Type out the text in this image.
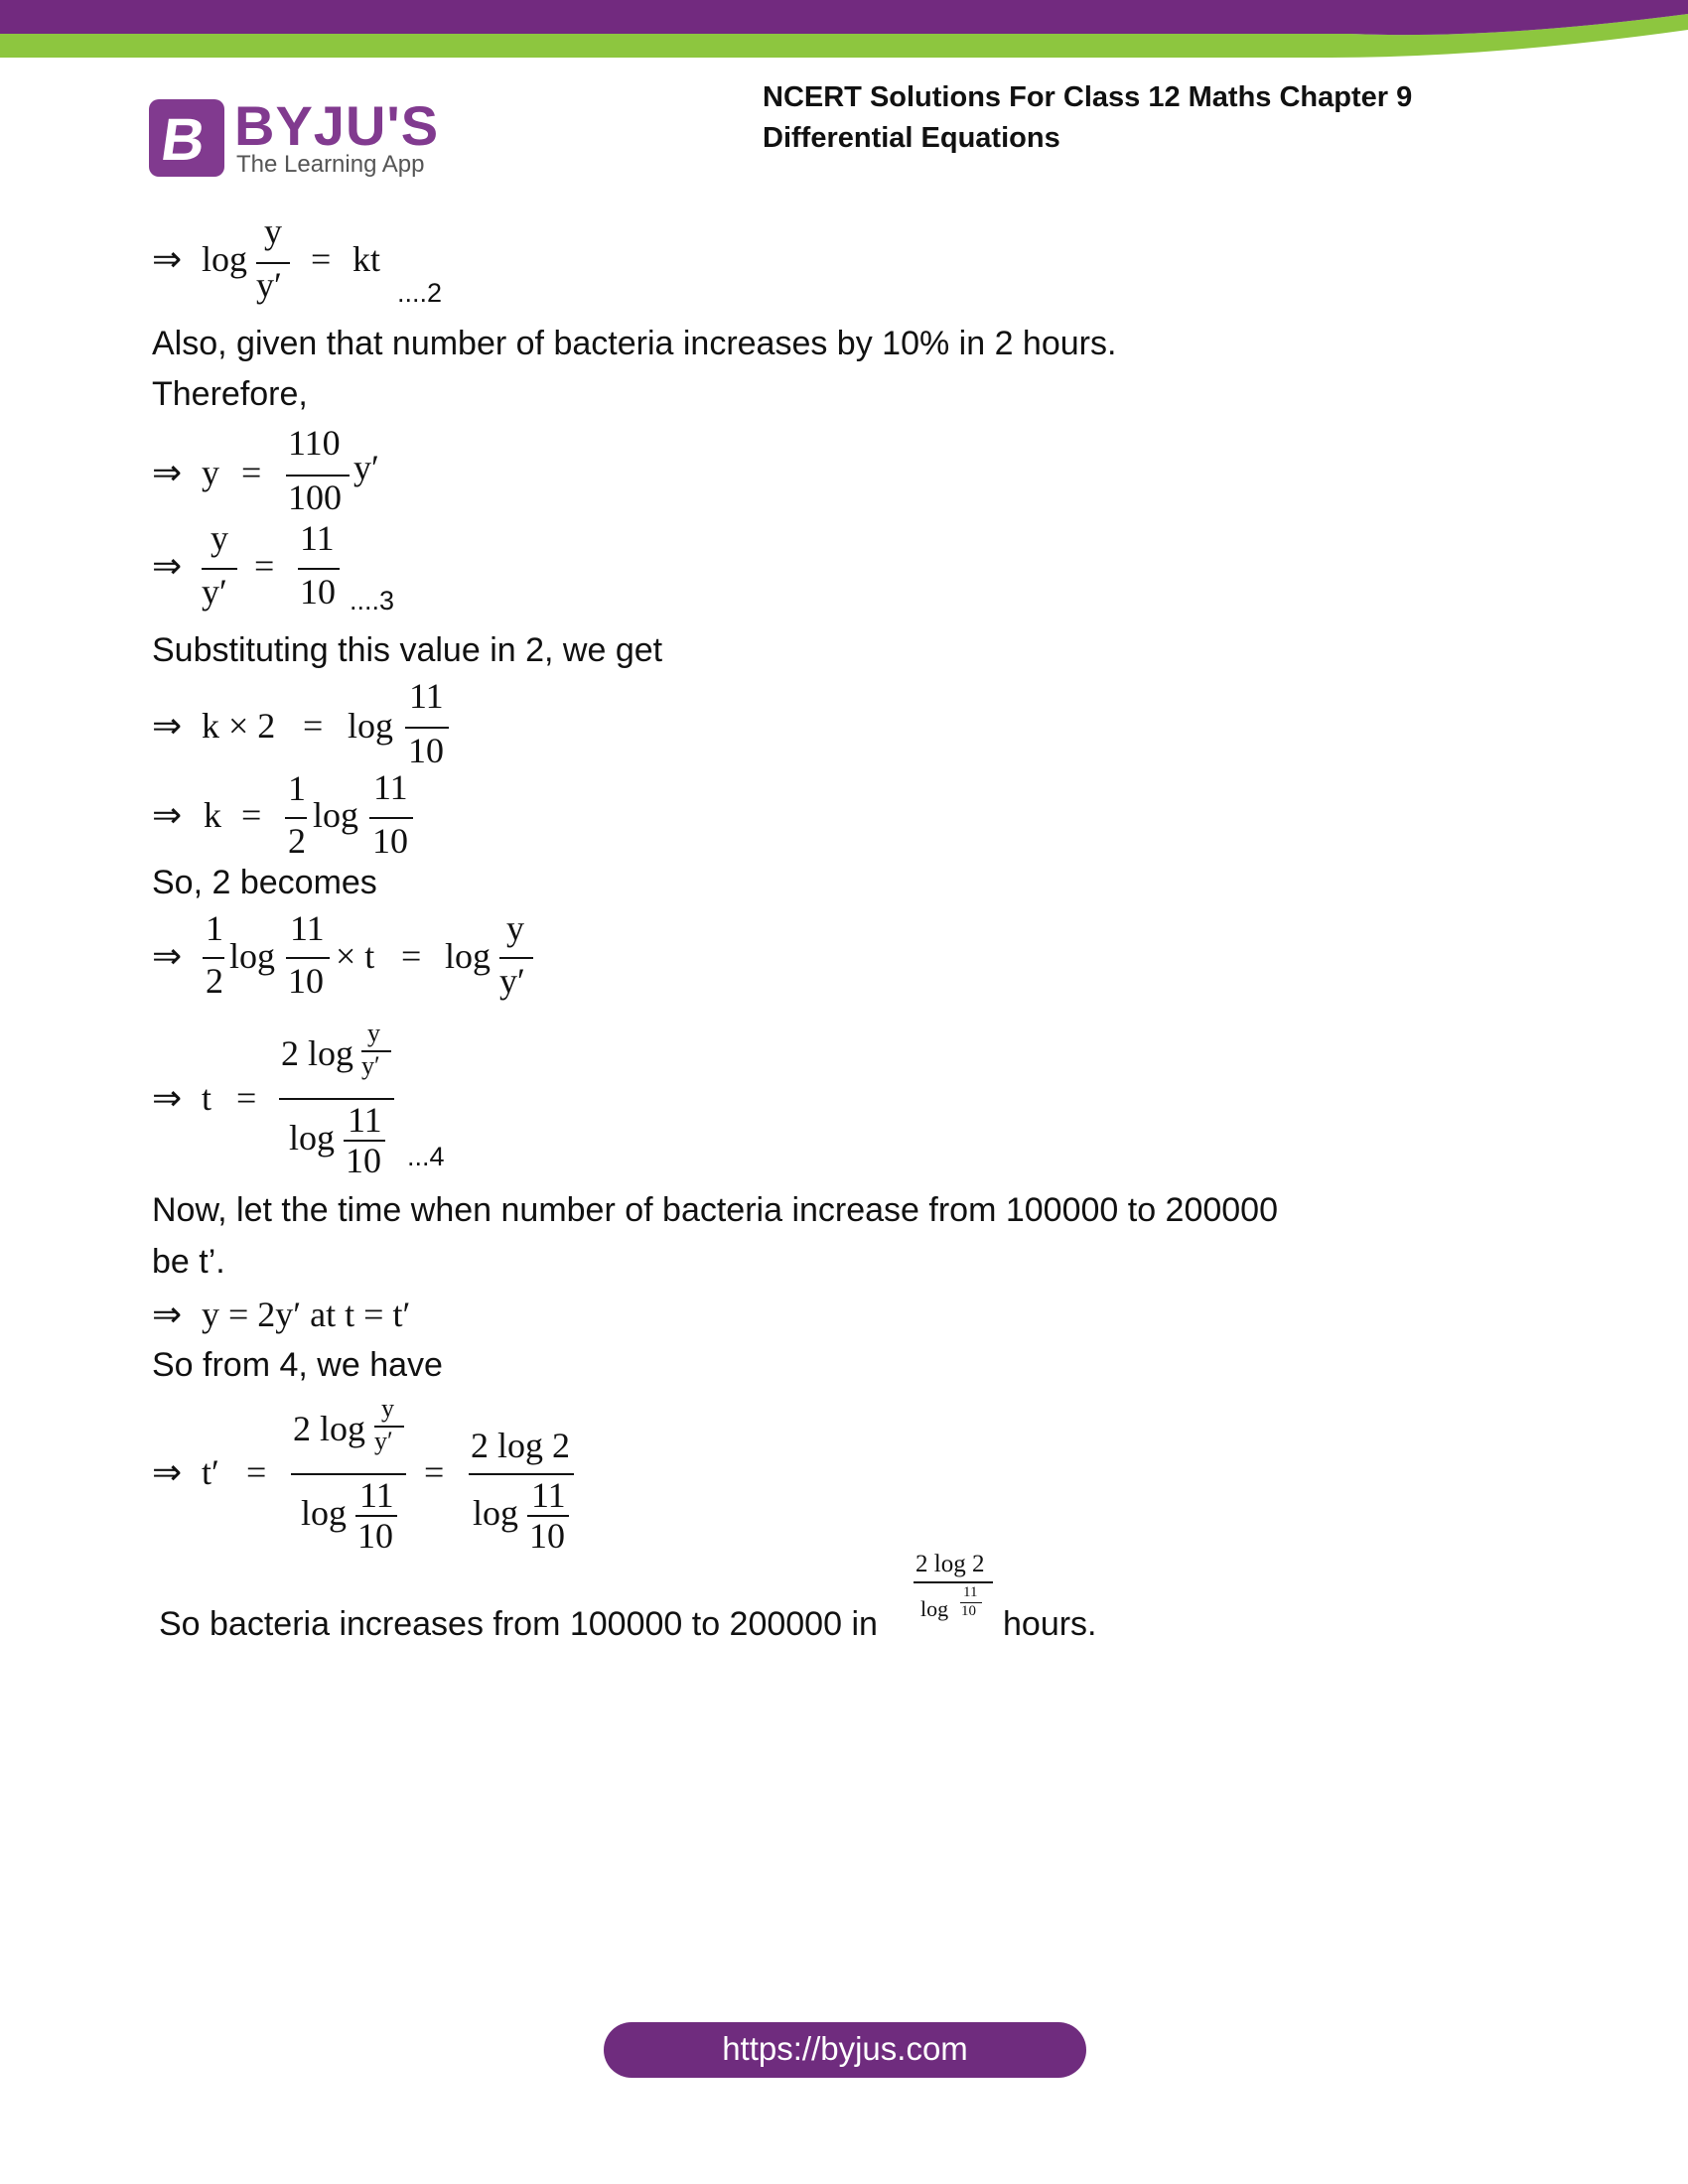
B BYJU'S
The Learning App
NCERT Solutions For Class 12 Maths Chapter 9
Differential Equations
⇒ log
y
y′
= kt
....2
Also, given that number of bacteria increases by 10% in 2 hours.
Therefore,
⇒ y =
110
100
y′
⇒
y
y′
=
11
10 ....3
Substituting this value in 2, we get
⇒ k × 2 = log
11
10
⇒ k =
1
2
log
11
10
So, 2 becomes
⇒
1
2
log
11
10
× t = log
y
y′
⇒ t =
2 log
y
y′
log 11
10 ...4
Now, let the time when number of bacteria increase from 100000 to 200000
be t’.
⇒ y = 2y′ at t = t′
So from 4, we have
⇒ t′ =
2 log
y
y′
log 11
10
=
2 log 2
log 11
10
So bacteria increases from 100000 to 200000 in
2 log 2
log
11
10 hours.
https://byjus.com
